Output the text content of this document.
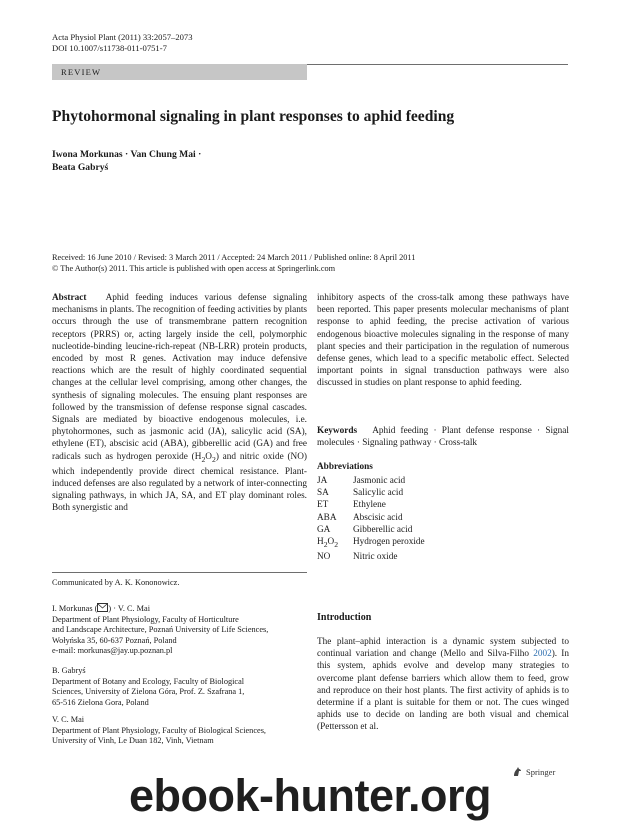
Acta Physiol Plant (2011) 33:2057–2073
DOI 10.1007/s11738-011-0751-7
REVIEW
Phytohormonal signaling in plant responses to aphid feeding
Iwona Morkunas · Van Chung Mai ·
Beata Gabryś
Received: 16 June 2010 / Revised: 3 March 2011 / Accepted: 24 March 2011 / Published online: 8 April 2011
© The Author(s) 2011. This article is published with open access at Springerlink.com

Abstract Aphid feeding induces various defense signaling mechanisms in plants. The recognition of feeding activities by plants occurs through the use of transmembrane pattern recognition receptors (PRRS) or, acting largely inside the cell, polymorphic nucleotide-binding leucine-rich-repeat (NB-LRR) protein products, encoded by most R genes. Activation may induce defensive reactions which are the result of highly coordinated sequential changes at the cellular level comprising, among other changes, the synthesis of signaling molecules. The ensuing plant responses are followed by the transmission of defense response signal cascades. Signals are mediated by bioactive endogenous molecules, i.e. phytohormones, such as jasmonic acid (JA), salicylic acid (SA), ethylene (ET), abscisic acid (ABA), gibberellic acid (GA) and free radicals such as hydrogen peroxide $(H_2O_2)$ and nitric oxide (NO) which independently provide direct chemical resistance. Plant-induced defenses are also regulated by a network of inter-connecting signaling pathways, in which JA, SA, and ET play dominant roles. Both synergistic and

inhibitory aspects of the cross-talk among these pathways have been reported. This paper presents molecular mechanisms of plant response to aphid feeding, the precise activation of various endogenous bioactive molecules signaling in the response of many plant species and their participation in the regulation of numerous defense genes, which lead to a specific metabolic effect. Selected important points in signal transduction pathways were also discussed in studies on plant response to aphid feeding.

Keywords Aphid feeding · Plant defense response · Signal molecules · Signaling pathway · Cross-talk
Abbreviations
JA	Jasmonic acid
SA	Salicylic acid
ET	Ethylene
ABA	Abscisic acid
GA	Gibberellic acid
$H_2O_2$	Hydrogen peroxide
NO	Nitric oxide
Communicated by A. K. Kononowicz.
I. Morkunas ( ) · V. C. Mai
Department of Plant Physiology, Faculty of Horticulture
and Landscape Architecture, Poznań University of Life Sciences,
Wołyńska 35, 60-637 Poznań, Poland
e-mail: morkunas@jay.up.poznan.pl
B. Gabryś
Department of Botany and Ecology, Faculty of Biological
Sciences, University of Zielona Góra, Prof. Z. Szafrana 1,
65-516 Zielona Gora, Poland
V. C. Mai
Department of Plant Physiology, Faculty of Biological Sciences,
University of Vinh, Le Duan 182, Vinh, Vietnam
Introduction

The plant–aphid interaction is a dynamic system subjected to continual variation and change (Mello and Silva-Filho 2002). In this system, aphids evolve and develop many strategies to overcome plant defense barriers which allow them to feed, grow and reproduce on their host plants. The first activity of aphids is to determine if a plant is suitable for them or not. The cues winged aphids use to decide on landing are both visual and chemical (Pettersson et al.

Springer
ebook-hunter.org
